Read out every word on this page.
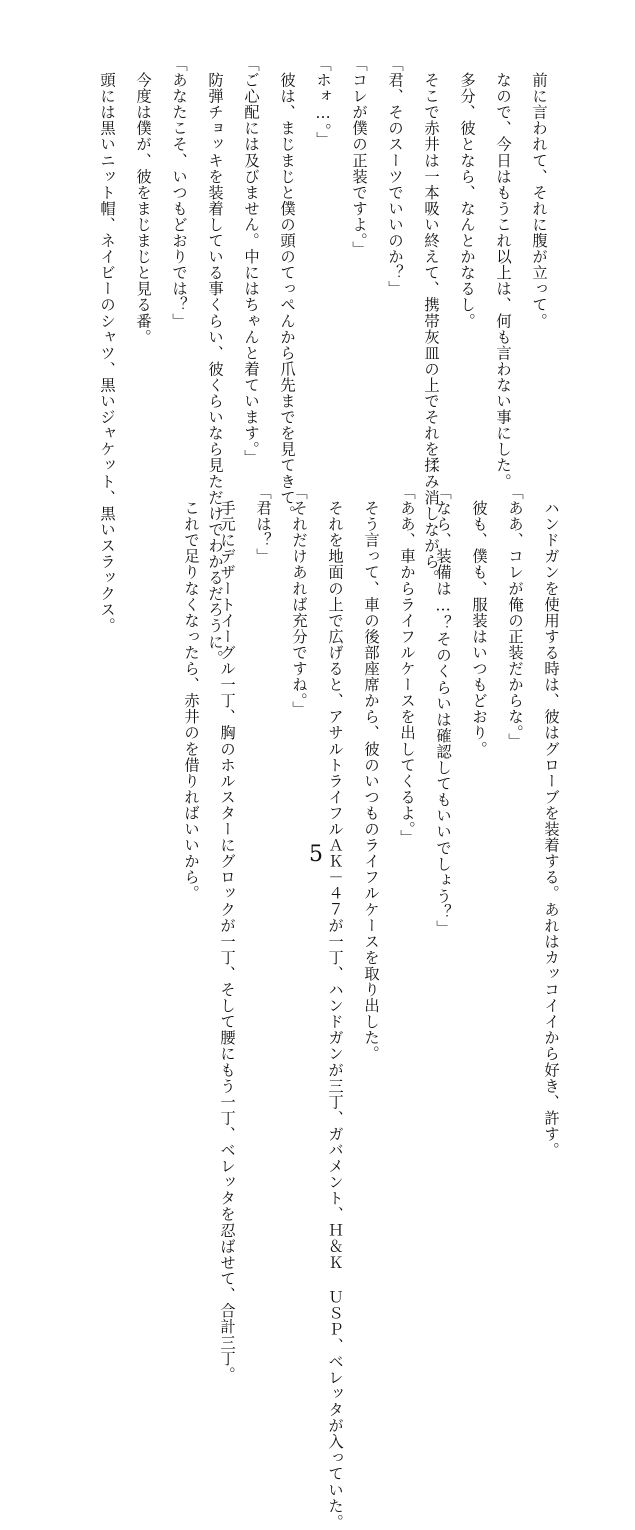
　前に言われて、それに腹が立って。

　なので、今日はもうこれ以上は、何も言わない事にした。

　多分、彼となら、なんとかなるし。

　そこで赤井は一本吸い終えて、携帯灰皿の上でそれを揉み消しながら。

「君、そのスーツでいいのか？」

「コレが僕の正装ですよ。」

「ホォ…。」

　彼は、まじまじと僕の頭のてっぺんから爪先までを見てきて。

「ご心配には及びません。中にはちゃんと着ています。」

　防弾チョッキを装着している事くらい、彼くらいなら見ただけでわかるだろうに。

「あなたこそ、いつもどおりでは？」

　今度は僕が、彼をまじまじと見る番。

　頭には黒いニット帽、ネイビーのシャツ、黒いジャケット、黒いスラックス。

　ハンドガンを使用する時は、彼はグローブを装着する。あれはカッコイイから好き、許す。

「ああ、コレが俺の正装だからな。」

　彼も、僕も、服装はいつもどおり。

「なら、装備は…？そのくらいは確認してもいいでしょう？」

「ああ、車からライフルケースを出してくるよ。」

　そう言って、車の後部座席から、彼のいつものライフルケースを取り出した。

　それを地面の上で広げると、アサルトライフルＡＫ－４７が一丁、ハンドガンが三丁、ガバメント、Ｈ＆Ｋ ＵＳＰ、ベレッタが入っていた。

「それだけあれば充分ですね。」

「君は？」

　手元にデザートイーグル一丁、胸のホルスターにグロックが一丁、そして腰にもう一丁、ベレッタを忍ばせて、合計三丁。

　これで足りなくなったら、赤井のを借りればいいから。	5
